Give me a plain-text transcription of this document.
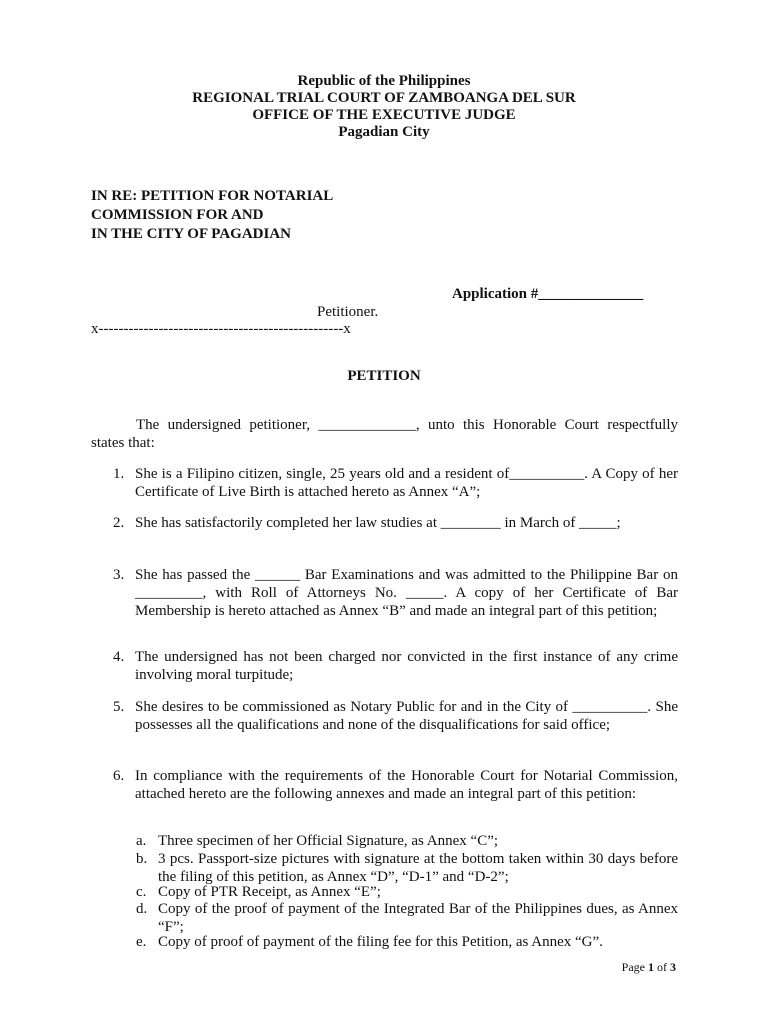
Republic of the Philippines
REGIONAL TRIAL COURT OF ZAMBOANGA DEL SUR
OFFICE OF THE EXECUTIVE JUDGE
Pagadian City
IN RE: PETITION FOR NOTARIAL
COMMISSION FOR AND
IN THE CITY OF PAGADIAN
Application #______________
Petitioner.
x-------------------------------------------------x
PETITION
The undersigned petitioner, _____________, unto this Honorable Court respectfully states that:
1. She is a Filipino citizen, single, 25 years old and a resident of__________. A Copy of her Certificate of Live Birth is attached hereto as Annex “A”;
2. She has satisfactorily completed her law studies at ________ in March of _____;
3. She has passed the ______ Bar Examinations and was admitted to the Philippine Bar on _________, with Roll of Attorneys No. _____. A copy of her Certificate of Bar Membership is hereto attached as Annex “B” and made an integral part of this petition;
4. The undersigned has not been charged nor convicted in the first instance of any crime involving moral turpitude;
5. She desires to be commissioned as Notary Public for and in the City of __________. She possesses all the qualifications and none of the disqualifications for said office;
6. In compliance with the requirements of the Honorable Court for Notarial Commission, attached hereto are the following annexes and made an integral part of this petition:
a. Three specimen of her Official Signature, as Annex “C”;
b. 3 pcs. Passport-size pictures with signature at the bottom taken within 30 days before the filing of this petition, as Annex “D”, “D-1” and “D-2”;
c. Copy of PTR Receipt, as Annex “E”;
d. Copy of the proof of payment of the Integrated Bar of the Philippines dues, as Annex “F”;
e. Copy of proof of payment of the filing fee for this Petition, as Annex “G”.
Page 1 of 3
